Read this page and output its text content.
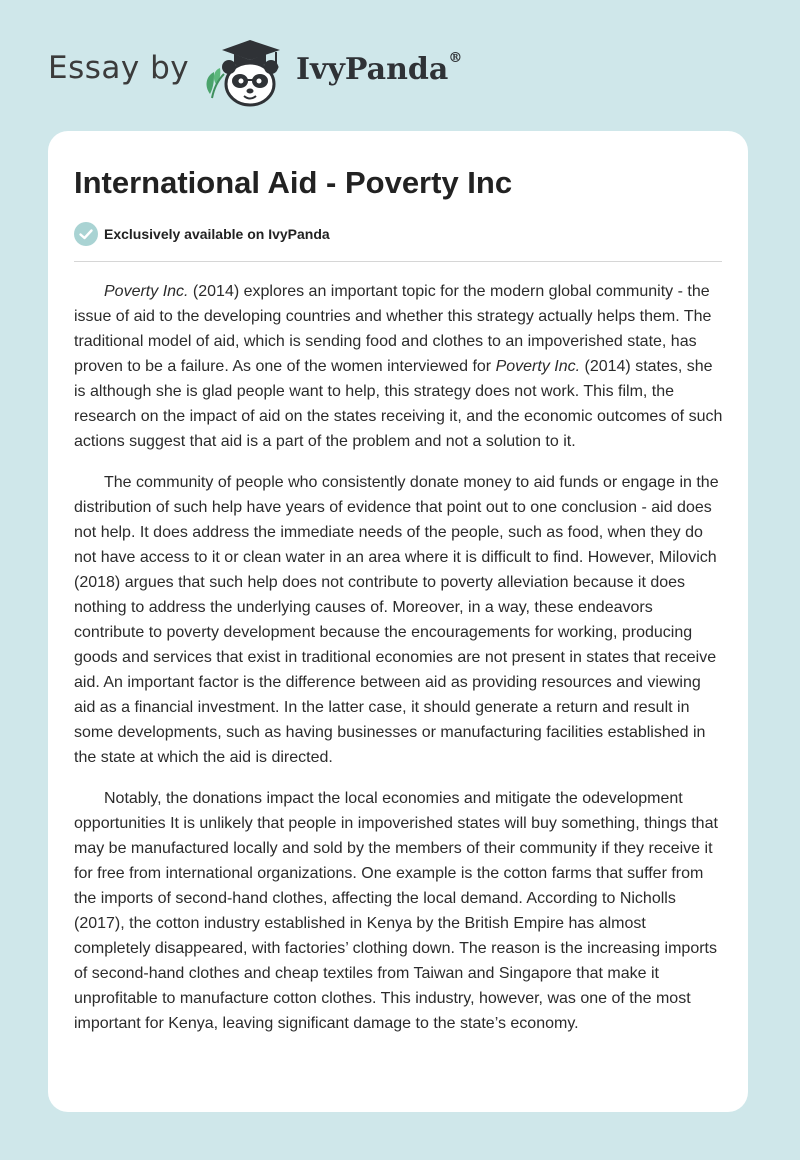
Essay by	IvyPanda®
International Aid - Poverty Inc
Exclusively available on IvyPanda

Poverty Inc. (2014) explores an important topic for the modern global community - the issue of aid to the developing countries and whether this strategy actually helps them. The traditional model of aid, which is sending food and clothes to an impoverished state, has proven to be a failure. As one of the women interviewed for Poverty Inc. (2014) states, she is although she is glad people want to help, this strategy does not work. This film, the research on the impact of aid on the states receiving it, and the economic outcomes of such actions suggest that aid is a part of the problem and not a solution to it.

The community of people who consistently donate money to aid funds or engage in the distribution of such help have years of evidence that point out to one conclusion - aid does not help. It does address the immediate needs of the people, such as food, when they do not have access to it or clean water in an area where it is difficult to find. However, Milovich (2018) argues that such help does not contribute to poverty alleviation because it does nothing to address the underlying causes of. Moreover, in a way, these endeavors contribute to poverty development because the encouragements for working, producing goods and services that exist in traditional economies are not present in states that receive aid. An important factor is the difference between aid as providing resources and viewing aid as a financial investment. In the latter case, it should generate a return and result in some developments, such as having businesses or manufacturing facilities established in the state at which the aid is directed.

Notably, the donations impact the local economies and mitigate the odevelopment opportunities It is unlikely that people in impoverished states will buy something, things that may be manufactured locally and sold by the members of their community if they receive it for free from international organizations. One example is the cotton farms that suffer from the imports of second-hand clothes, affecting the local demand. According to Nicholls (2017), the cotton industry established in Kenya by the British Empire has almost completely disappeared, with factories’ clothing down. The reason is the increasing imports of second-hand clothes and cheap textiles from Taiwan and Singapore that make it unprofitable to manufacture cotton clothes. This industry, however, was one of the most important for Kenya, leaving significant damage to the state’s economy.
